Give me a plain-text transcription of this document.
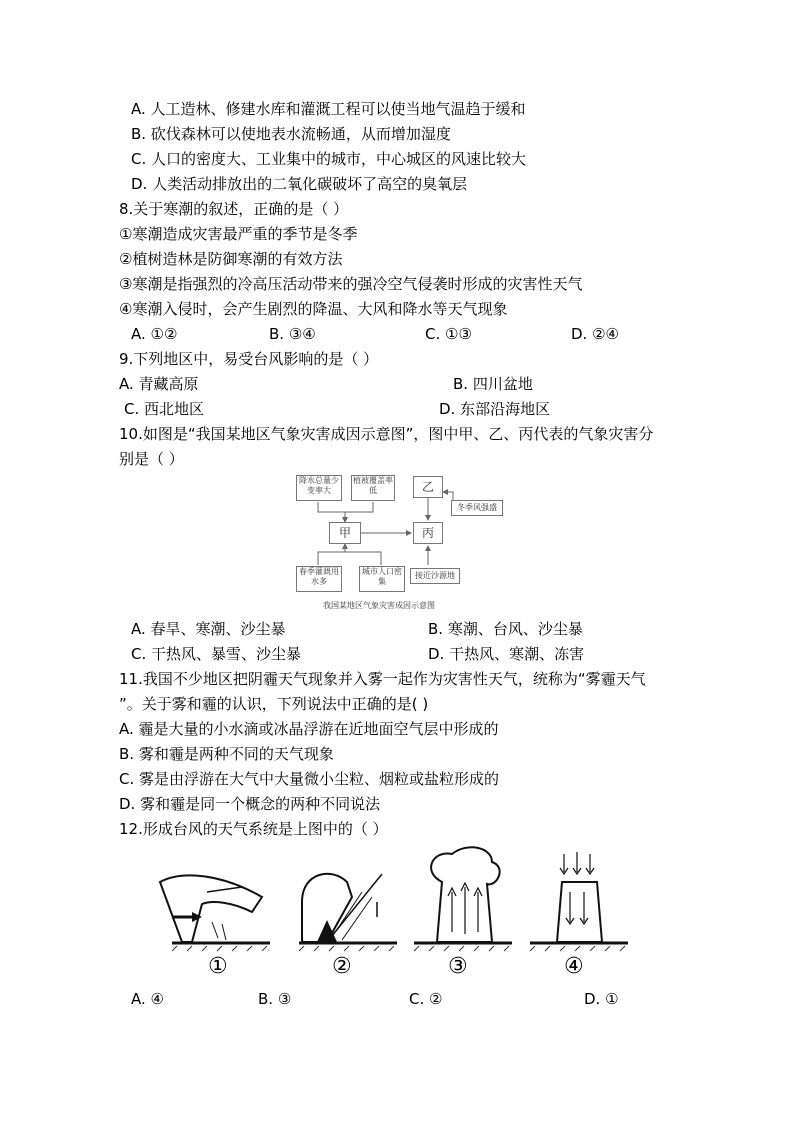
A. 人工造林、修建水库和灌溉工程可以使当地气温趋于缓和
B. 砍伐森林可以使地表水流畅通，从而增加湿度
C. 人口的密度大、工业集中的城市，中心城区的风速比较大
D. 人类活动排放出的二氧化碳破坏了高空的臭氧层
8.关于寒潮的叙述，正确的是（ ）
①寒潮造成灾害最严重的季节是冬季
②植树造林是防御寒潮的有效方法
③寒潮是指强烈的冷高压活动带来的强冷空气侵袭时形成的灾害性天气
④寒潮入侵时，会产生剧烈的降温、大风和降水等天气现象
A. ①②	B. ③④	C. ①③	D. ②④
9.下列地区中，易受台风影响的是（ ）
A. 青藏高原	B. 四川盆地
C. 西北地区	D. 东部沿海地区
10.如图是“我国某地区气象灾害成因示意图”，图中甲、乙、丙代表的气象灾害分
别是（ ）
降水总量少变率大
植被覆盖率低	乙
冬季风强盛
甲	丙
春季灌溉用水多
城市人口密集
接近沙源地
我国某地区气象灾害成因示意图
A. 春旱、寒潮、沙尘暴	B. 寒潮、台风、沙尘暴
C. 干热风、暴雪、沙尘暴	D. 干热风、寒潮、冻害
11.我国不少地区把阴霾天气现象并入雾一起作为灾害性天气，统称为“雾霾天气
”。关于雾和霾的认识，下列说法中正确的是( )
A. 霾是大量的小水滴或冰晶浮游在近地面空气层中形成的
B. 雾和霾是两种不同的天气现象
C. 雾是由浮游在大气中大量微小尘粒、烟粒或盐粒形成的
D. 雾和霾是同一个概念的两种不同说法
12.形成台风的天气系统是上图中的（ ）
①	②	③	④
A. ④	B. ③	C. ②	D. ①
